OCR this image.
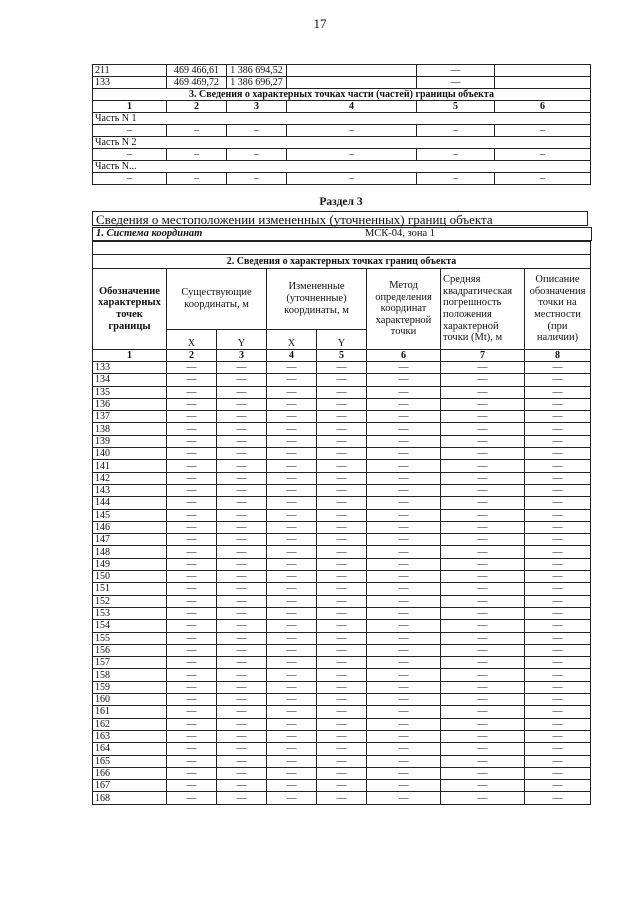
17
211	469 466,61	1 386 694,52		—	
133	469 469,72	1 386 696,27		—	
3. Сведения о характерных точках части (частей) границы объекта					
1	2	3	4	5	6
Часть N 1					
–	–	–	–	–	–
Часть N 2					
–	–	–	–	–	–
Часть N...					
–	–	–	–	–	–
Раздел 3
Сведения о местоположении измененных (уточненных) границ объекта
1. Система координат	МСК-04, зона 1

2. Сведения о характерных точках границ объекта							
Обозначение характерных точек границы	Существующие координаты, м		Измененные (уточненные) координаты, м		Метод определения координат характерной точки	Средняя квадратическая погрешность положения характерной точки (Mt), м	Описание обозначения точки на местности (при наличии)
	X	Y	X	Y			
1	2	3	4	5	6	7	8
133	—	—	—	—	—	—	—
134	—	—	—	—	—	—	—
135	—	—	—	—	—	—	—
136	—	—	—	—	—	—	—
137	—	—	—	—	—	—	—
138	—	—	—	—	—	—	—
139	—	—	—	—	—	—	—
140	—	—	—	—	—	—	—
141	—	—	—	—	—	—	—
142	—	—	—	—	—	—	—
143	—	—	—	—	—	—	—
144	—	—	—	—	—	—	—
145	—	—	—	—	—	—	—
146	—	—	—	—	—	—	—
147	—	—	—	—	—	—	—
148	—	—	—	—	—	—	—
149	—	—	—	—	—	—	—
150	—	—	—	—	—	—	—
151	—	—	—	—	—	—	—
152	—	—	—	—	—	—	—
153	—	—	—	—	—	—	—
154	—	—	—	—	—	—	—
155	—	—	—	—	—	—	—
156	—	—	—	—	—	—	—
157	—	—	—	—	—	—	—
158	—	—	—	—	—	—	—
159	—	—	—	—	—	—	—
160	—	—	—	—	—	—	—
161	—	—	—	—	—	—	—
162	—	—	—	—	—	—	—
163	—	—	—	—	—	—	—
164	—	—	—	—	—	—	—
165	—	—	—	—	—	—	—
166	—	—	—	—	—	—	—
167	—	—	—	—	—	—	—
168	—	—	—	—	—	—	—
